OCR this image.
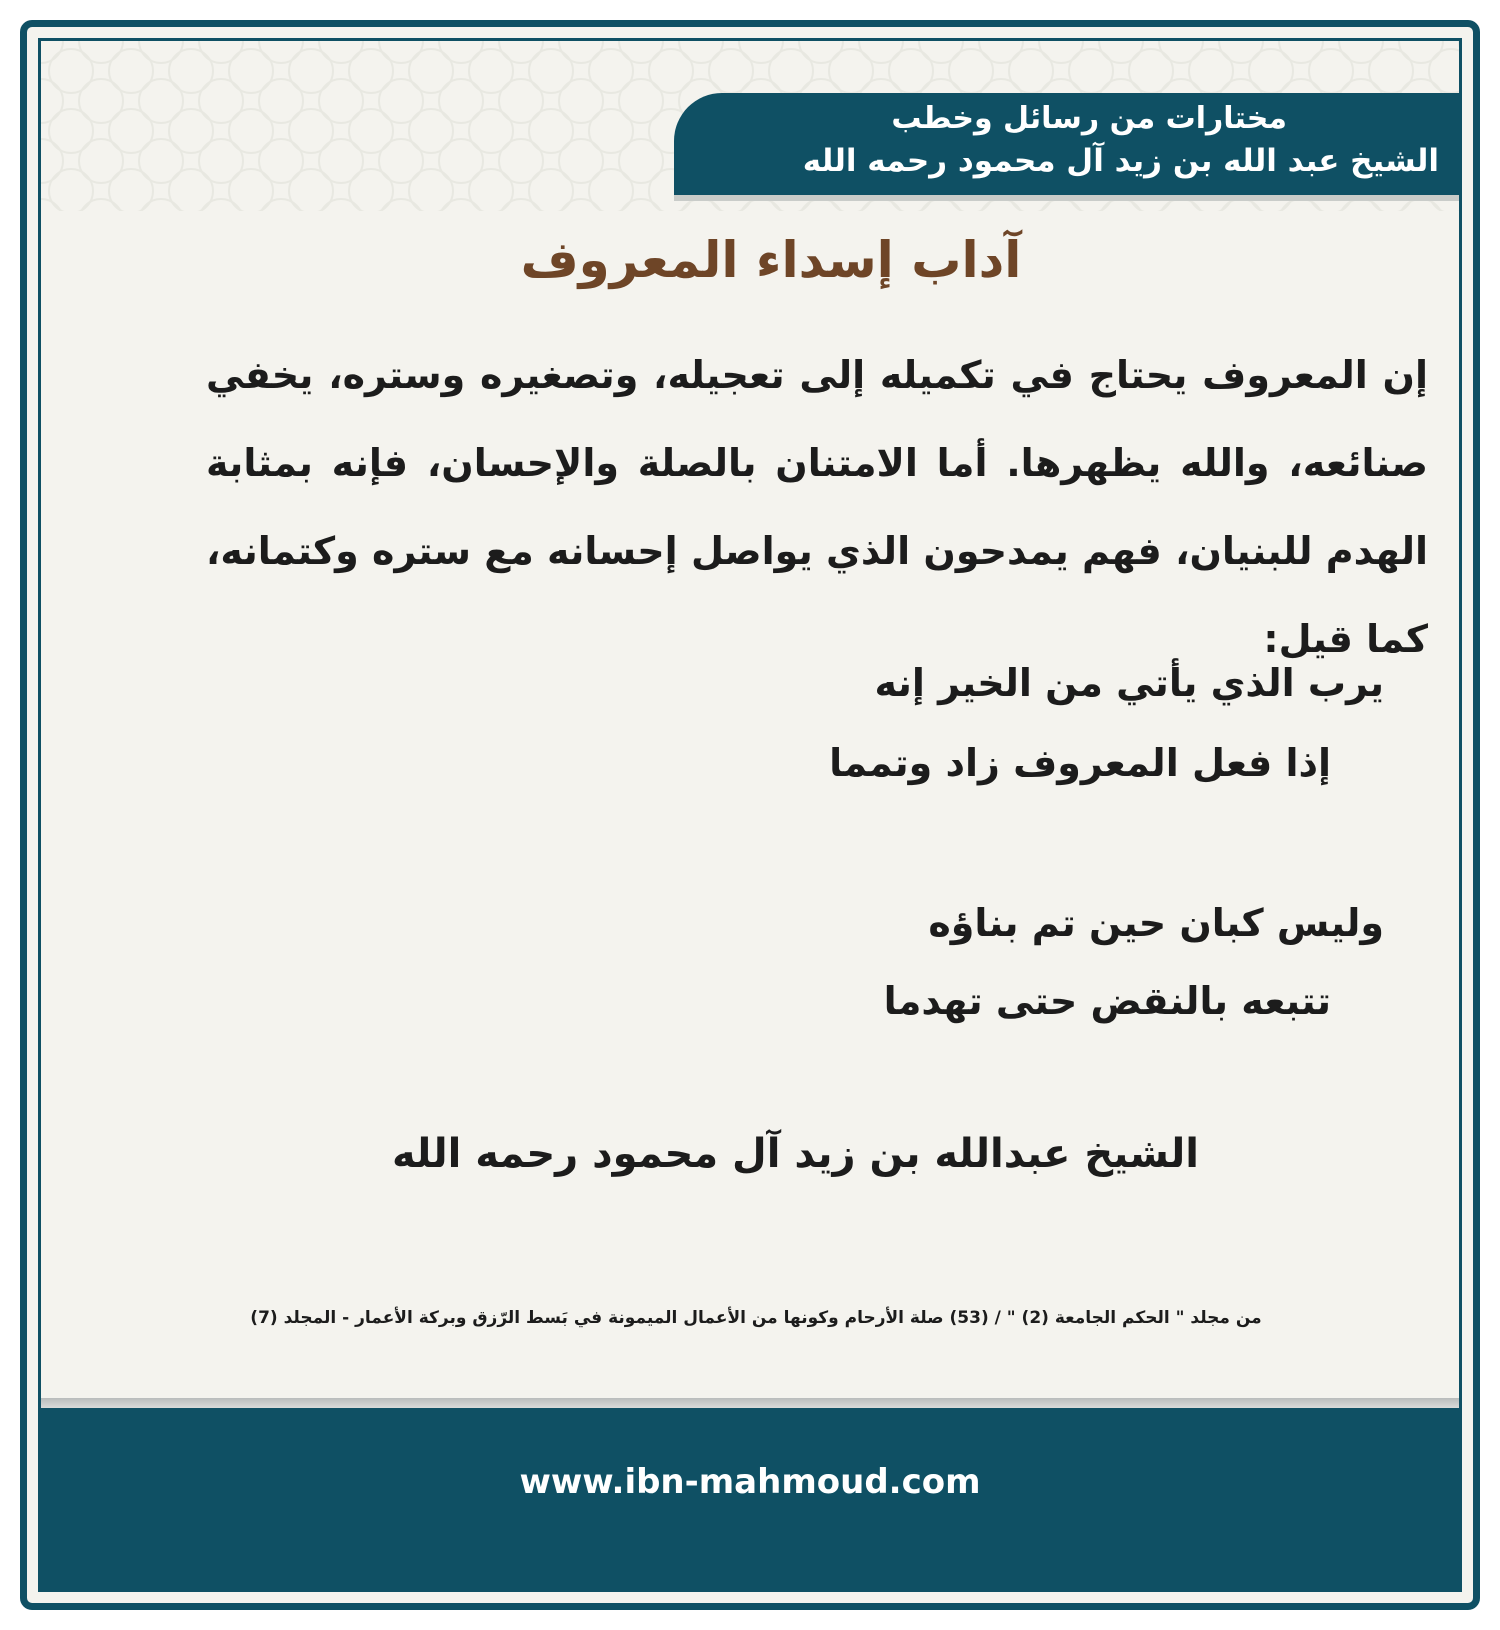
مختارات من رسائل وخطب
الشيخ عبد الله بن زيد آل محمود رحمه الله
آداب إسداء المعروف
إن المعروف يحتاج في تكميله إلى تعجيله، وتصغيره وستره، يخفي صنائعه، والله يظهرها. أما الامتنان بالصلة والإحسان، فإنه بمثابة الهدم للبنيان، فهم يمدحون الذي يواصل إحسانه مع ستره وكتمانه، كما قيل:
يرب الذي يأتي من الخير إنه
إذا فعل المعروف زاد وتمما
وليس كبان حين تم بناؤه
تتبعه بالنقض حتى تهدما
الشيخ عبدالله بن زيد آل محمود رحمه الله
من مجلد " الحكم الجامعة (2) " / (53) صلة الأرحام وكونها من الأعمال الميمونة في بَسط الرّزق وبركة الأعمار - المجلد (7)
www.ibn-mahmoud.com
